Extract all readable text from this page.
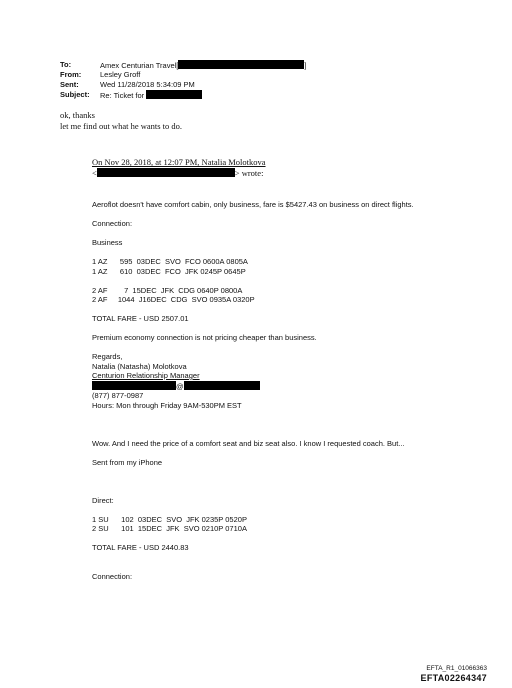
To:	Amex Centurian Travel[	]
From:	Lesley Groff
Sent:	Wed 11/28/2018 5:34:09 PM
Subject:	Re: Ticket for
ok, thanks
let me find out what he wants to do.
On Nov 28, 2018, at 12:07 PM, Natalia Molotkova
<	> wrote:

Aeroflot doesn't have comfort cabin, only business, fare is $5427.43 on business on direct flights.

Connection:

Business

1 AZ      595  03DEC  SVO  FCO 0600A 0805A
1 AZ      610  03DEC  FCO  JFK 0245P 0645P
2 AF        7  15DEC  JFK  CDG 0640P 0800A
2 AF     1044  J16DEC  CDG  SVO 0935A 0320P

TOTAL FARE - USD 2507.01

Premium economy connection is not pricing cheaper than business.

Regards,

Natalia (Natasha) Molotkova

Centurion Relationship Manager

@

(877) 877-0987

Hours: Mon through Friday 9AM-530PM EST

Wow. And I need the price of a comfort seat and biz seat also. I know I requested coach. But...

Sent from my iPhone

Direct:

1 SU      102  03DEC  SVO  JFK 0235P 0520P
2 SU      101  15DEC  JFK  SVO 0210P 0710A

TOTAL FARE - USD 2440.83

Connection:

EFTA_R1_01066363
EFTA02264347
